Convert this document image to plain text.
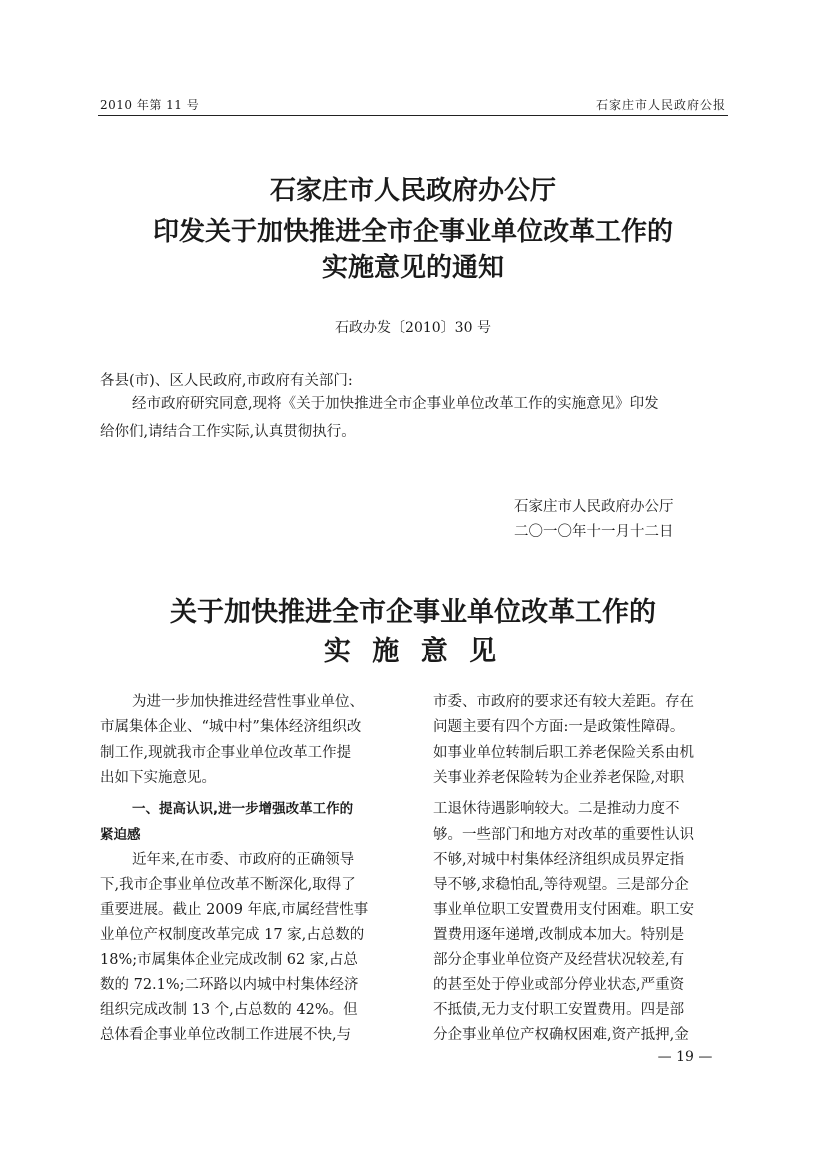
2010 年第 11 号	石家庄市人民政府公报
石家庄市人民政府办公厅
印发关于加快推进全市企事业单位改革工作的
实施意见的通知
石政办发〔2010〕30 号
各县(市)、区人民政府,市政府有关部门:
经市政府研究同意,现将《关于加快推进全市企事业单位改革工作的实施意见》印发
给你们,请结合工作实际,认真贯彻执行。
石家庄市人民政府办公厅
二〇一〇年十一月十二日
关于加快推进全市企事业单位改革工作的
实 施 意 见
为进一步加快推进经营性事业单位、
市属集体企业、“城中村”集体经济组织改
制工作,现就我市企事业单位改革工作提
出如下实施意见。
一、提高认识,进一步增强改革工作的
紧迫感
近年来,在市委、市政府的正确领导
下,我市企事业单位改革不断深化,取得了
重要进展。截止 2009 年底,市属经营性事
业单位产权制度改革完成 17 家,占总数的
18%;市属集体企业完成改制 62 家,占总
数的 72.1%;二环路以内城中村集体经济
组织完成改制 13 个,占总数的 42%。但
总体看企事业单位改制工作进展不快,与
市委、市政府的要求还有较大差距。存在
问题主要有四个方面:一是政策性障碍。
如事业单位转制后职工养老保险关系由机
关事业养老保险转为企业养老保险,对职
工退休待遇影响较大。二是推动力度不
够。一些部门和地方对改革的重要性认识
不够,对城中村集体经济组织成员界定指
导不够,求稳怕乱,等待观望。三是部分企
事业单位职工安置费用支付困难。职工安
置费用逐年递增,改制成本加大。特别是
部分企事业单位资产及经营状况较差,有
的甚至处于停业或部分停业状态,严重资
不抵债,无力支付职工安置费用。四是部
分企事业单位产权确权困难,资产抵押,金
— 19 —
